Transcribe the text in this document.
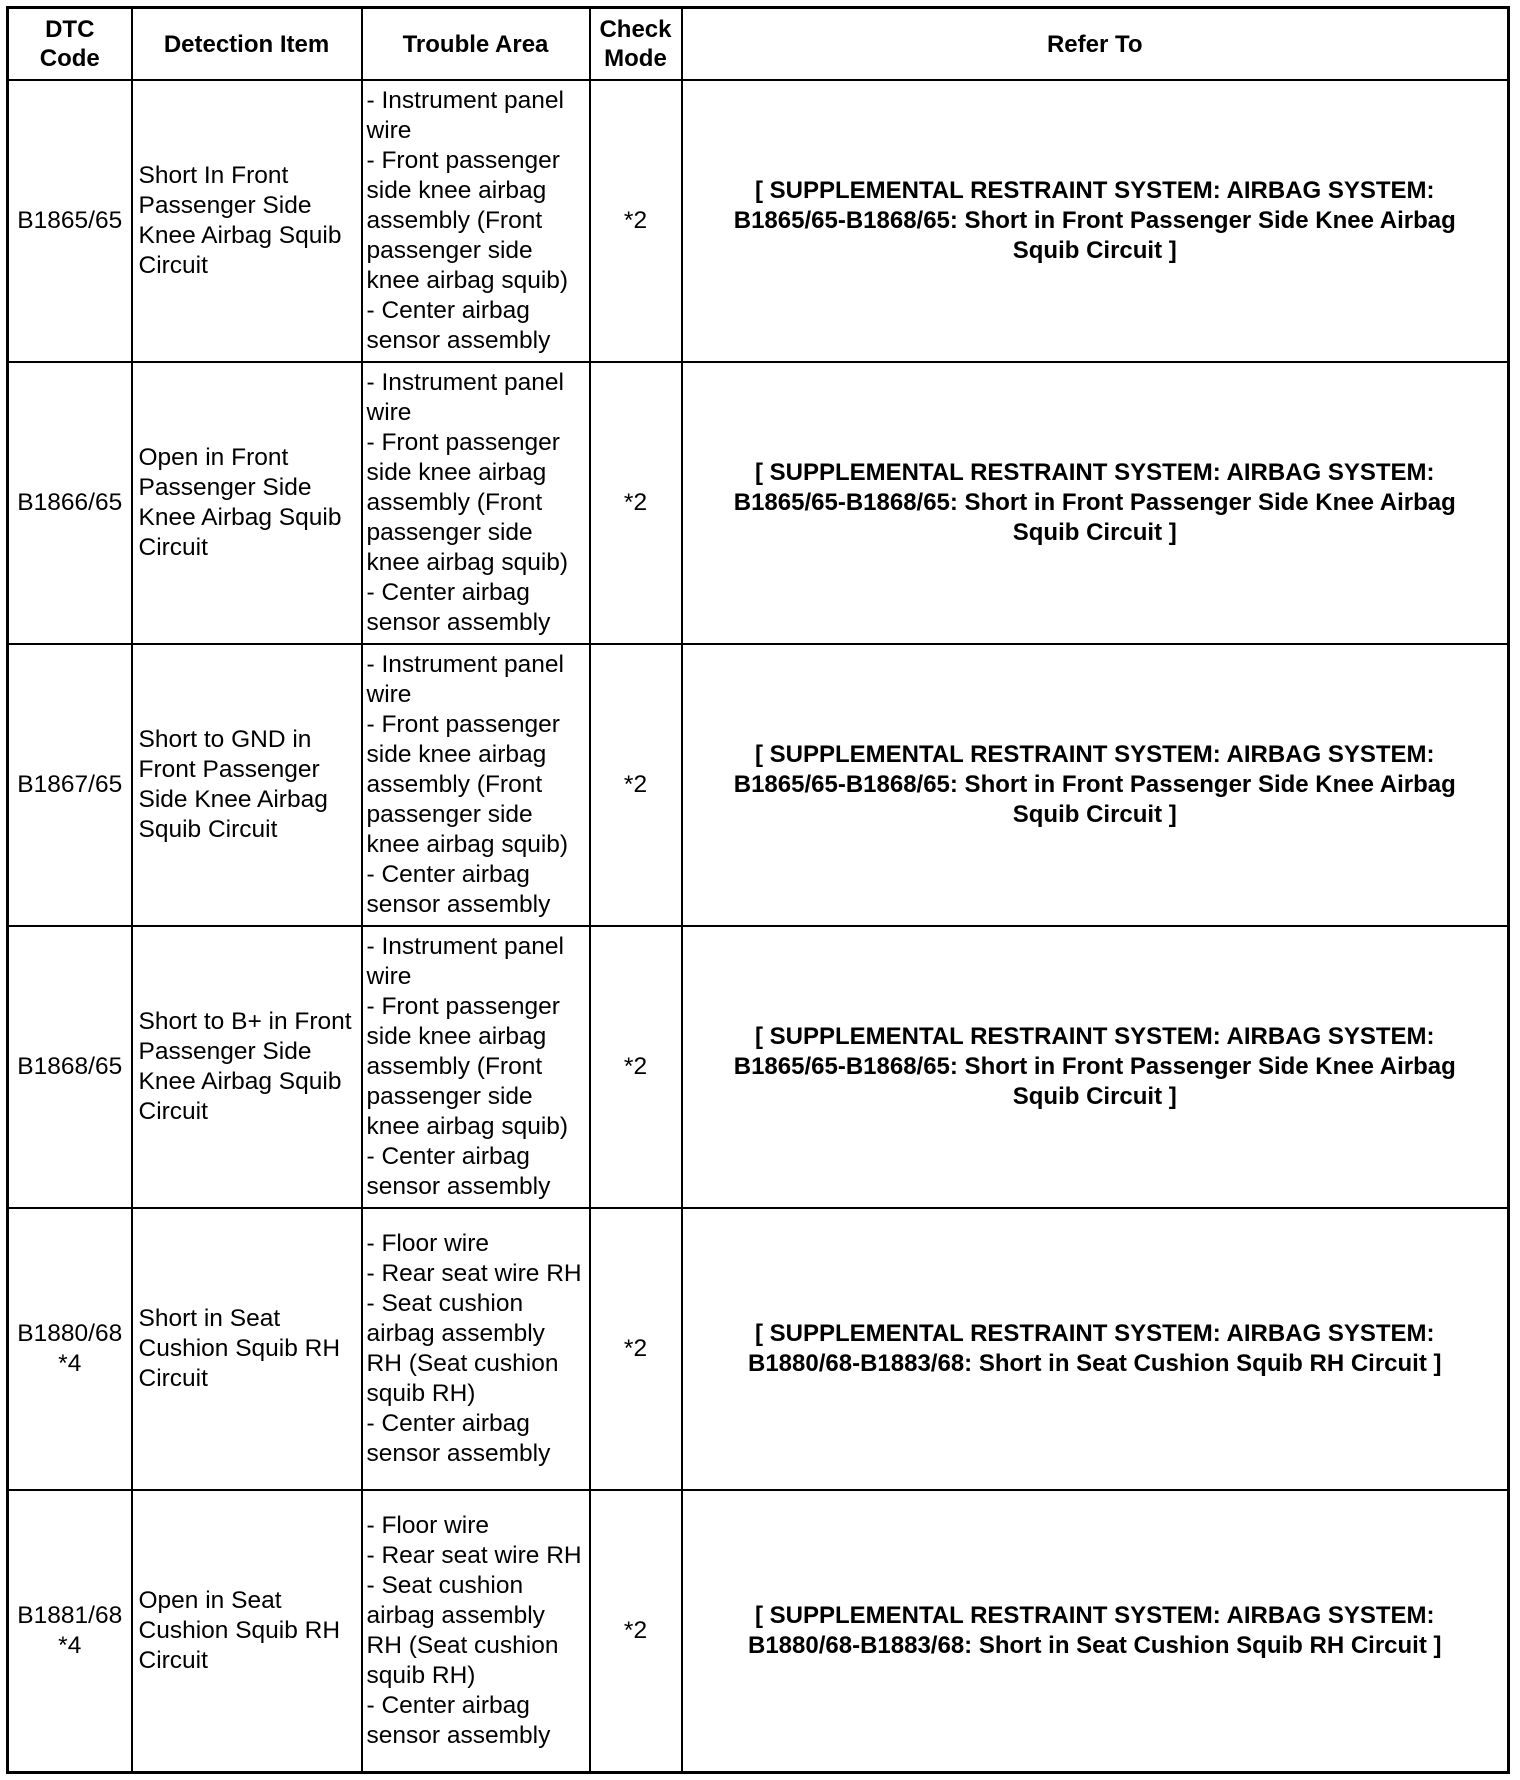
DTC Code	Detection Item	Trouble Area	Check Mode	Refer To
B1865/65	Short In Front Passenger Side Knee Airbag Squib Circuit	- Instrument panel wire
- Front passenger side knee airbag assembly (Front passenger side knee airbag squib)
- Center airbag sensor assembly	*2	[ SUPPLEMENTAL RESTRAINT SYSTEM: AIRBAG SYSTEM: B1865/65-B1868/65: Short in Front Passenger Side Knee Airbag Squib Circuit ]
B1866/65	Open in Front Passenger Side Knee Airbag Squib Circuit	- Instrument panel wire
- Front passenger side knee airbag assembly (Front passenger side knee airbag squib)
- Center airbag sensor assembly	*2	[ SUPPLEMENTAL RESTRAINT SYSTEM: AIRBAG SYSTEM: B1865/65-B1868/65: Short in Front Passenger Side Knee Airbag Squib Circuit ]
B1867/65	Short to GND in Front Passenger Side Knee Airbag Squib Circuit	- Instrument panel wire
- Front passenger side knee airbag assembly (Front passenger side knee airbag squib)
- Center airbag sensor assembly	*2	[ SUPPLEMENTAL RESTRAINT SYSTEM: AIRBAG SYSTEM: B1865/65-B1868/65: Short in Front Passenger Side Knee Airbag Squib Circuit ]
B1868/65	Short to B+ in Front Passenger Side Knee Airbag Squib Circuit	- Instrument panel wire
- Front passenger side knee airbag assembly (Front passenger side knee airbag squib)
- Center airbag sensor assembly	*2	[ SUPPLEMENTAL RESTRAINT SYSTEM: AIRBAG SYSTEM: B1865/65-B1868/65: Short in Front Passenger Side Knee Airbag Squib Circuit ]
B1880/68 *4	Short in Seat Cushion Squib RH Circuit	- Floor wire
- Rear seat wire RH
- Seat cushion airbag assembly RH (Seat cushion squib RH)
- Center airbag sensor assembly	*2	[ SUPPLEMENTAL RESTRAINT SYSTEM: AIRBAG SYSTEM: B1880/68-B1883/68: Short in Seat Cushion Squib RH Circuit ]
B1881/68 *4	Open in Seat Cushion Squib RH Circuit	- Floor wire
- Rear seat wire RH
- Seat cushion airbag assembly RH (Seat cushion squib RH)
- Center airbag sensor assembly	*2	[ SUPPLEMENTAL RESTRAINT SYSTEM: AIRBAG SYSTEM: B1880/68-B1883/68: Short in Seat Cushion Squib RH Circuit ]
